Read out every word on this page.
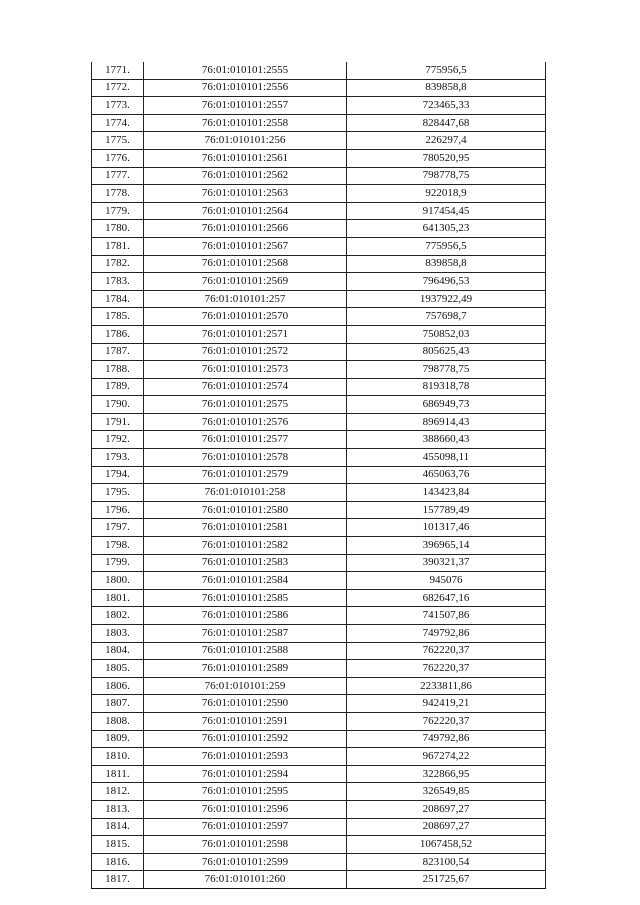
1771.	76:01:010101:2555	775956,5
1772.	76:01:010101:2556	839858,8
1773.	76:01:010101:2557	723465,33
1774.	76:01:010101:2558	828447,68
1775.	76:01:010101:256	226297,4
1776.	76:01:010101:2561	780520,95
1777.	76:01:010101:2562	798778,75
1778.	76:01:010101:2563	922018,9
1779.	76:01:010101:2564	917454,45
1780.	76:01:010101:2566	641305,23
1781.	76:01:010101:2567	775956,5
1782.	76:01:010101:2568	839858,8
1783.	76:01:010101:2569	796496,53
1784.	76:01:010101:257	1937922,49
1785.	76:01:010101:2570	757698,7
1786.	76:01:010101:2571	750852,03
1787.	76:01:010101:2572	805625,43
1788.	76:01:010101:2573	798778,75
1789.	76:01:010101:2574	819318,78
1790.	76:01:010101:2575	686949,73
1791.	76:01:010101:2576	896914,43
1792.	76:01:010101:2577	388660,43
1793.	76:01:010101:2578	455098,11
1794.	76:01:010101:2579	465063,76
1795.	76:01:010101:258	143423,84
1796.	76:01:010101:2580	157789,49
1797.	76:01:010101:2581	101317,46
1798.	76:01:010101:2582	396965,14
1799.	76:01:010101:2583	390321,37
1800.	76:01:010101:2584	945076
1801.	76:01:010101:2585	682647,16
1802.	76:01:010101:2586	741507,86
1803.	76:01:010101:2587	749792,86
1804.	76:01:010101:2588	762220,37
1805.	76:01:010101:2589	762220,37
1806.	76:01:010101:259	2233811,86
1807.	76:01:010101:2590	942419,21
1808.	76:01:010101:2591	762220,37
1809.	76:01:010101:2592	749792,86
1810.	76:01:010101:2593	967274,22
1811.	76:01:010101:2594	322866,95
1812.	76:01:010101:2595	326549,85
1813.	76:01:010101:2596	208697,27
1814.	76:01:010101:2597	208697,27
1815.	76:01:010101:2598	1067458,52
1816.	76:01:010101:2599	823100,54
1817.	76:01:010101:260	251725,67
